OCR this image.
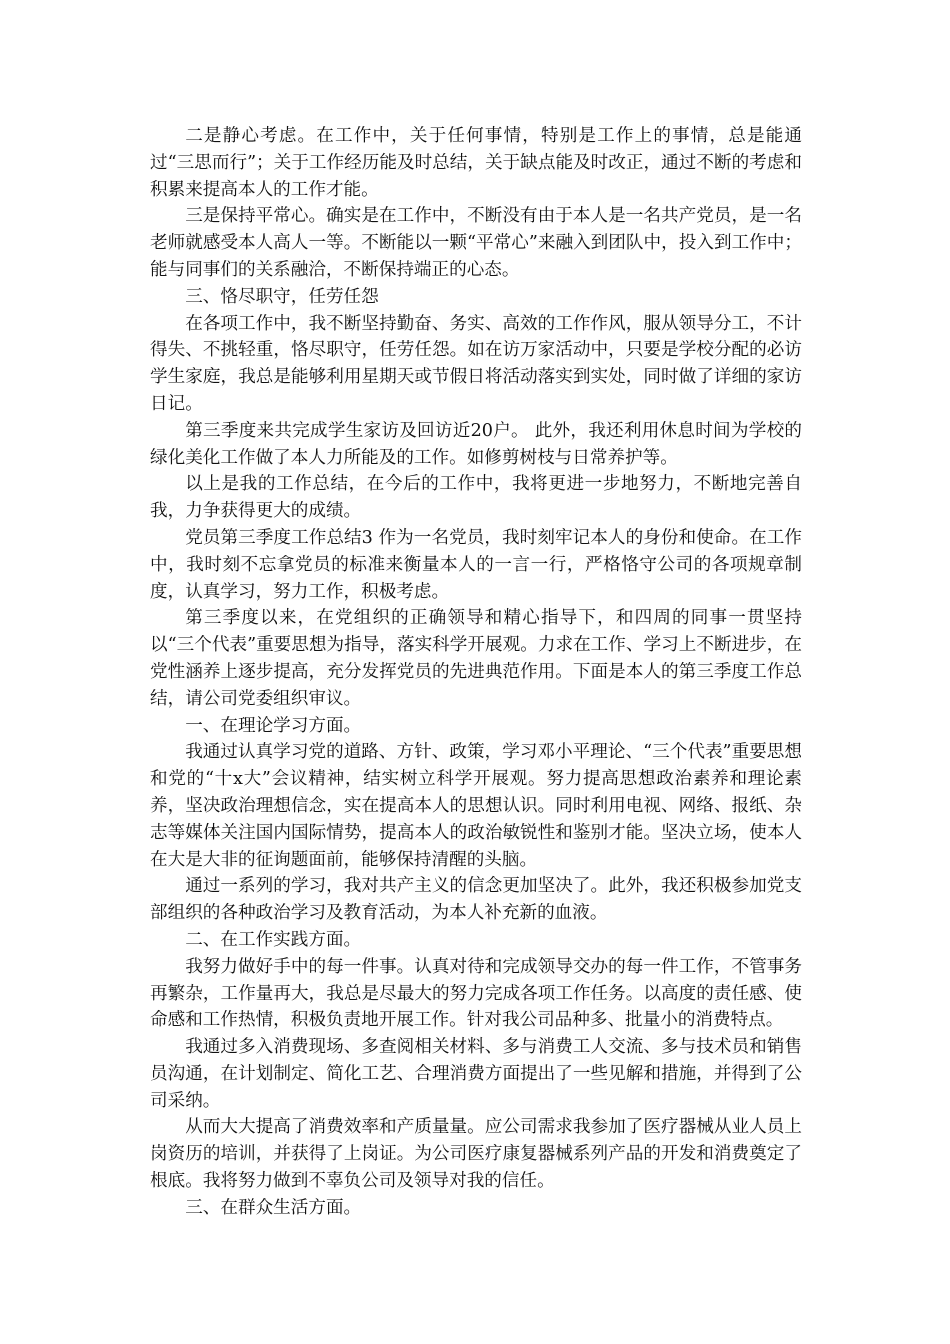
二是静心考虑。在工作中，关于任何事情，特别是工作上的事情，总是能通过“三思而行”；关于工作经历能及时总结，关于缺点能及时改正，通过不断的考虑和积累来提高本人的工作才能。

三是保持平常心。确实是在工作中，不断没有由于本人是一名共产党员，是一名老师就感受本人高人一等。不断能以一颗“平常心”来融入到团队中，投入到工作中；能与同事们的关系融洽，不断保持端正的心态。

三、恪尽职守，任劳任怨

在各项工作中，我不断坚持勤奋、务实、高效的工作作风，服从领导分工，不计得失、不挑轻重，恪尽职守，任劳任怨。如在访万家活动中，只要是学校分配的必访学生家庭，我总是能够利用星期天或节假日将活动落实到实处，同时做了详细的家访日记。

第三季度来共完成学生家访及回访近20户。 此外，我还利用休息时间为学校的绿化美化工作做了本人力所能及的工作。如修剪树枝与日常养护等。

以上是我的工作总结，在今后的工作中，我将更进一步地努力，不断地完善自我，力争获得更大的成绩。

党员第三季度工作总结3 作为一名党员，我时刻牢记本人的身份和使命。在工作中，我时刻不忘拿党员的标准来衡量本人的一言一行，严格恪守公司的各项规章制度，认真学习，努力工作，积极考虑。

第三季度以来，在党组织的正确领导和精心指导下，和四周的同事一贯坚持以“三个代表”重要思想为指导，落实科学开展观。力求在工作、学习上不断进步，在党性涵养上逐步提高，充分发挥党员的先进典范作用。下面是本人的第三季度工作总结，请公司党委组织审议。

一、在理论学习方面。

我通过认真学习党的道路、方针、政策，学习邓小平理论、“三个代表”重要思想和党的“十x大”会议精神，结实树立科学开展观。努力提高思想政治素养和理论素养，坚决政治理想信念，实在提高本人的思想认识。同时利用电视、网络、报纸、杂志等媒体关注国内国际情势，提高本人的政治敏锐性和鉴别才能。坚决立场，使本人在大是大非的征询题面前，能够保持清醒的头脑。

通过一系列的学习，我对共产主义的信念更加坚决了。此外，我还积极参加党支部组织的各种政治学习及教育活动，为本人补充新的血液。

二、在工作实践方面。

我努力做好手中的每一件事。认真对待和完成领导交办的每一件工作，不管事务再繁杂，工作量再大，我总是尽最大的努力完成各项工作任务。以高度的责任感、使命感和工作热情，积极负责地开展工作。针对我公司品种多、批量小的消费特点。

我通过多入消费现场、多查阅相关材料、多与消费工人交流、多与技术员和销售员沟通，在计划制定、简化工艺、合理消费方面提出了一些见解和措施，并得到了公司采纳。

从而大大提高了消费效率和产质量量。应公司需求我参加了医疗器械从业人员上岗资历的培训，并获得了上岗证。为公司医疗康复器械系列产品的开发和消费奠定了根底。我将努力做到不辜负公司及领导对我的信任。

三、在群众生活方面。
